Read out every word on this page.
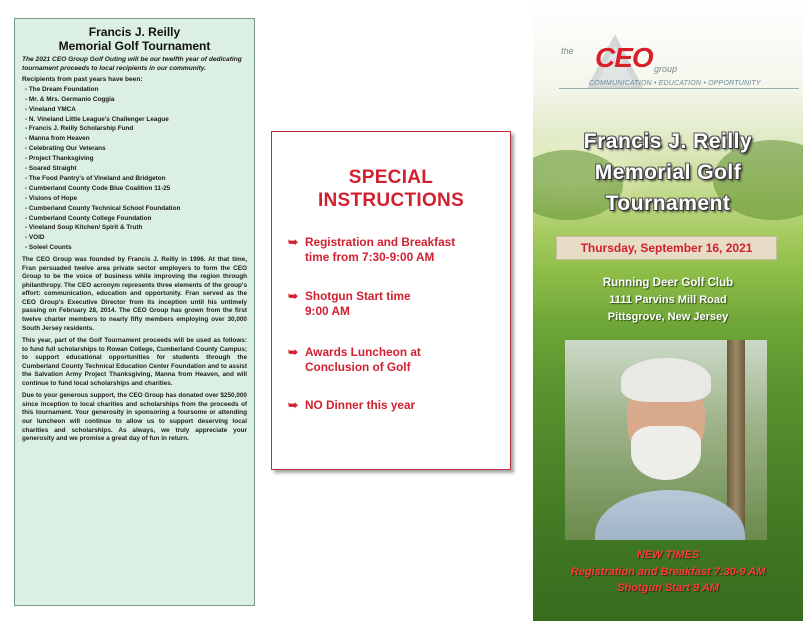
Francis J. Reilly
Memorial Golf Tournament

The 2021 CEO Group Golf Outing will be our twelfth year of dedicating tournament proceeds to local recipients in our community.

Recipients from past years have been:

- The Dream Foundation
- Mr. & Mrs. Germanio Coggia
- Vineland YMCA
- N. Vineland Little League's Challenger League
- Francis J. Reilly Scholarship Fund
- Manna from Heaven
- Celebrating Our Veterans
- Project Thanksgiving
- Soared Straight
- The Food Pantry's of Vineland and Bridgeton
- Cumberland County Code Blue Coalition 11-25
- Visions of Hope
- Cumberland County Technical School Foundation
- Cumberland County College Foundation
- Vineland Soup Kitchen/ Spirit & Truth
- VOID
- Soleel Counts

The CEO Group was founded by Francis J. Reilly in 1996. At that time, Fran persuaded twelve area private sector employers to form the CEO Group to be the voice of business while improving the region through philanthropy. The CEO acronym represents three elements of the group's effort: communication, education and opportunity. Fran served as the CEO Group's Executive Director from its inception until his untimely passing on February 28, 2014. The CEO Group has grown from the first twelve charter members to nearly fifty members employing over 30,000 South Jersey residents.

This year, part of the Golf Tournament proceeds will be used as follows: to fund full scholarships to Rowan College, Cumberland County Campus; to support educational opportunities for students through the Cumberland County Technical Education Center Foundation and to assist the Salvation Army Project Thanksgiving, Manna from Heaven, and will continue to fund local scholarships and charities.

Due to your generous support, the CEO Group has donated over $250,000 since inception to local charities and scholarships from the proceeds of this tournament. Your generosity in sponsoring a foursome or attending our luncheon will continue to allow us to support deserving local charities and scholarships. As always, we truly appreciate your generosity and we promise a great day of fun in return.

SPECIAL
INSTRUCTIONS
➥ Registration and Breakfast
time from 7:30-9:00 AM
➥ Shotgun Start time
9:00 AM
➥ Awards Luncheon at
Conclusion of Golf
➥ NO Dinner this year
the CEO group
COMMUNICATION • EDUCATION • OPPORTUNITY
Francis J. Reilly
Memorial Golf
Tournament
Thursday, September 16, 2021
Running Deer Golf Club
1111 Parvins Mill Road
Pittsgrove, New Jersey
NEW TIMES
Registration and Breakfast 7:30-9 AM
Shotgun Start 9 AM
